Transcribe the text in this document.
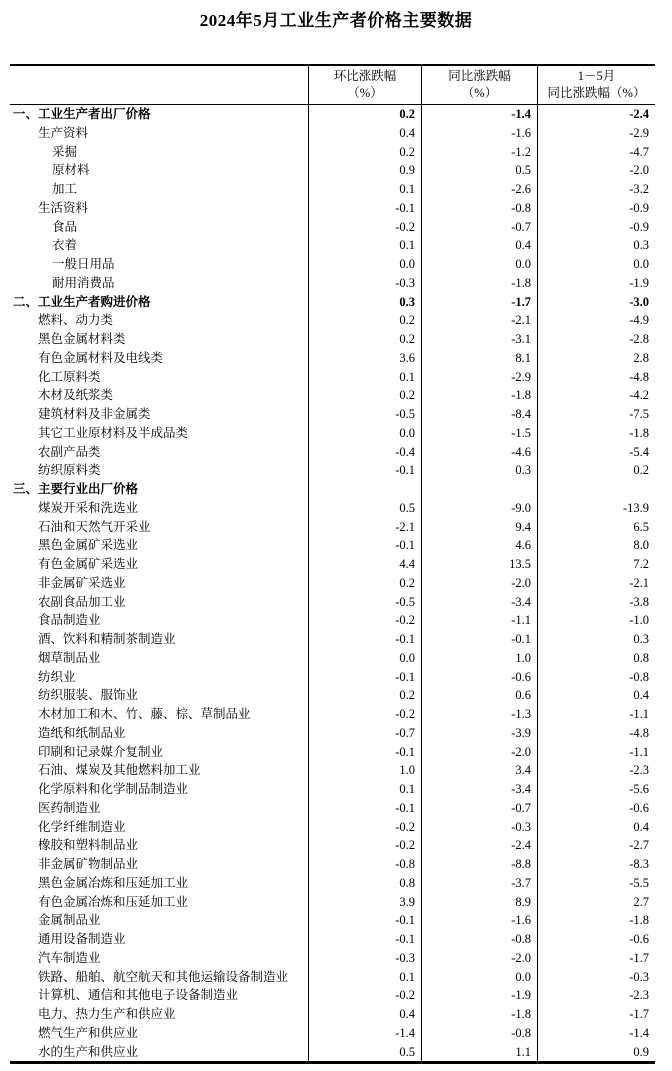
2024年5月工业生产者价格主要数据
环比涨跌幅
（%）
同比涨跌幅
（%）
1－5月
同比涨跌幅（%）
一、工业生产者出厂价格	0.2	-1.4	-2.4
生产资料	0.4	-1.6	-2.9
采掘	0.2	-1.2	-4.7
原材料	0.9	0.5	-2.0
加工	0.1	-2.6	-3.2
生活资料	-0.1	-0.8	-0.9
食品	-0.2	-0.7	-0.9
衣着	0.1	0.4	0.3
一般日用品	0.0	0.0	0.0
耐用消费品	-0.3	-1.8	-1.9
二、工业生产者购进价格	0.3	-1.7	-3.0
燃料、动力类	0.2	-2.1	-4.9
黑色金属材料类	0.2	-3.1	-2.8
有色金属材料及电线类	3.6	8.1	2.8
化工原料类	0.1	-2.9	-4.8
木材及纸浆类	0.2	-1.8	-4.2
建筑材料及非金属类	-0.5	-8.4	-7.5
其它工业原材料及半成品类	0.0	-1.5	-1.8
农副产品类	-0.4	-4.6	-5.4
纺织原料类	-0.1	0.3	0.2
三、主要行业出厂价格
煤炭开采和洗选业	0.5	-9.0	-13.9
石油和天然气开采业	-2.1	9.4	6.5
黑色金属矿采选业	-0.1	4.6	8.0
有色金属矿采选业	4.4	13.5	7.2
非金属矿采选业	0.2	-2.0	-2.1
农副食品加工业	-0.5	-3.4	-3.8
食品制造业	-0.2	-1.1	-1.0
酒、饮料和精制茶制造业	-0.1	-0.1	0.3
烟草制品业	0.0	1.0	0.8
纺织业	-0.1	-0.6	-0.8
纺织服装、服饰业	0.2	0.6	0.4
木材加工和木、竹、藤、棕、草制品业	-0.2	-1.3	-1.1
造纸和纸制品业	-0.7	-3.9	-4.8
印刷和记录媒介复制业	-0.1	-2.0	-1.1
石油、煤炭及其他燃料加工业	1.0	3.4	-2.3
化学原料和化学制品制造业	0.1	-3.4	-5.6
医药制造业	-0.1	-0.7	-0.6
化学纤维制造业	-0.2	-0.3	0.4
橡胶和塑料制品业	-0.2	-2.4	-2.7
非金属矿物制品业	-0.8	-8.8	-8.3
黑色金属冶炼和压延加工业	0.8	-3.7	-5.5
有色金属冶炼和压延加工业	3.9	8.9	2.7
金属制品业	-0.1	-1.6	-1.8
通用设备制造业	-0.1	-0.8	-0.6
汽车制造业	-0.3	-2.0	-1.7
铁路、船舶、航空航天和其他运输设备制造业	0.1	0.0	-0.3
计算机、通信和其他电子设备制造业	-0.2	-1.9	-2.3
电力、热力生产和供应业	0.4	-1.8	-1.7
燃气生产和供应业	-1.4	-0.8	-1.4
水的生产和供应业	0.5	1.1	0.9
